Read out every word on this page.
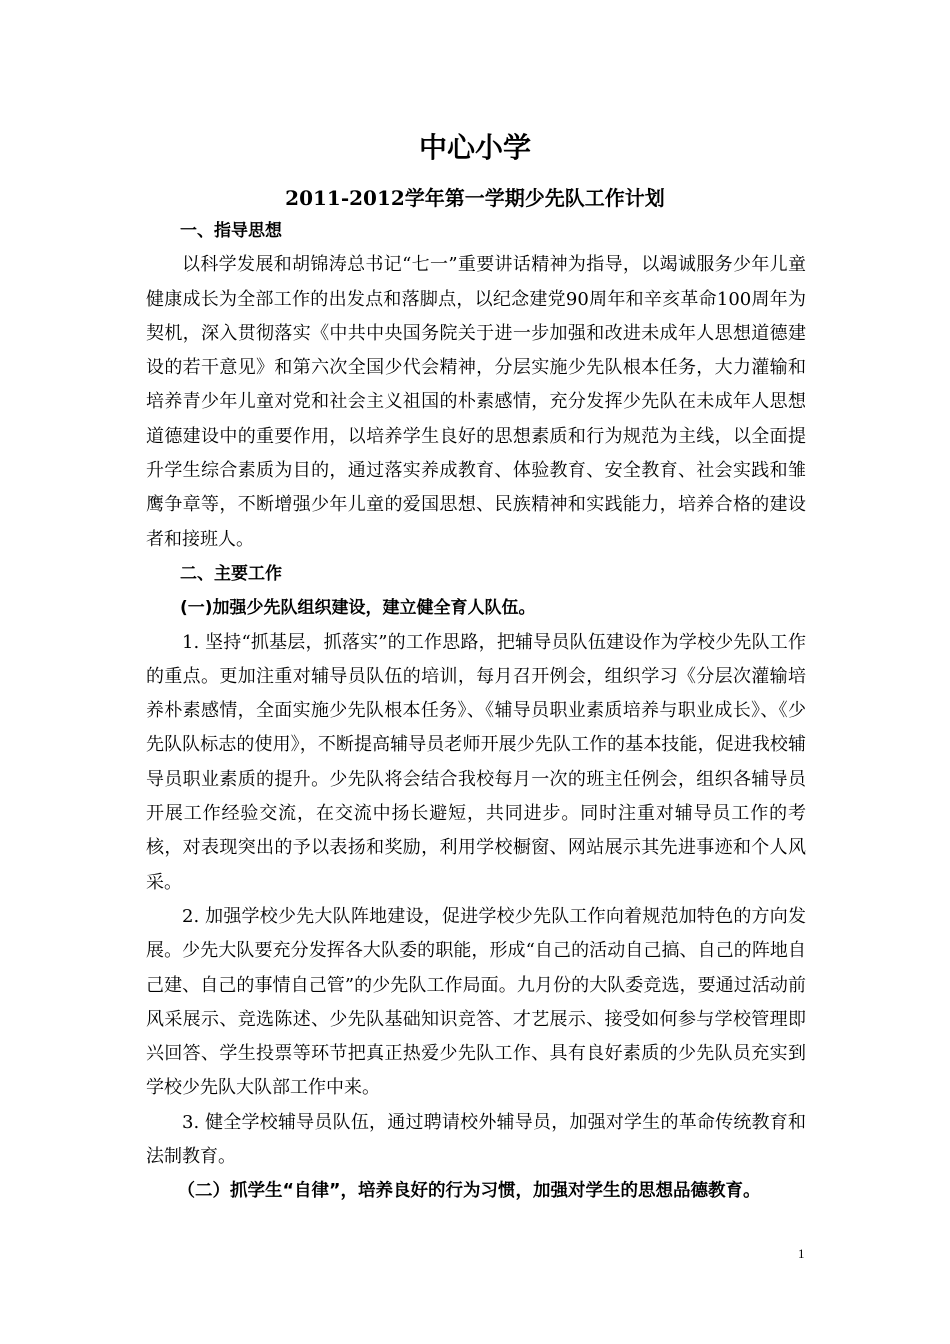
中心小学
2011-2012学年第一学期少先队工作计划

一、指导思想

以科学发展和胡锦涛总书记“七一”重要讲话精神为指导，以竭诚服务少年儿童健康成长为全部工作的出发点和落脚点，以纪念建党90周年和辛亥革命100周年为契机，深入贯彻落实《中共中央国务院关于进一步加强和改进未成年人思想道德建设的若干意见》和第六次全国少代会精神，分层实施少先队根本任务，大力灌输和培养青少年儿童对党和社会主义祖国的朴素感情，充分发挥少先队在未成年人思想道德建设中的重要作用，以培养学生良好的思想素质和行为规范为主线，以全面提升学生综合素质为目的，通过落实养成教育、体验教育、安全教育、社会实践和雏鹰争章等，不断增强少年儿童的爱国思想、民族精神和实践能力，培养合格的建设者和接班人。

二、主要工作

(一)加强少先队组织建设，建立健全育人队伍。

1. 坚持“抓基层，抓落实”的工作思路，把辅导员队伍建设作为学校少先队工作的重点。更加注重对辅导员队伍的培训，每月召开例会，组织学习《分层次灌输培养朴素感情，全面实施少先队根本任务》、《辅导员职业素质培养与职业成长》、《少先队队标志的使用》，不断提高辅导员老师开展少先队工作的基本技能，促进我校辅导员职业素质的提升。少先队将会结合我校每月一次的班主任例会，组织各辅导员开展工作经验交流，在交流中扬长避短，共同进步。同时注重对辅导员工作的考核，对表现突出的予以表扬和奖励，利用学校橱窗、网站展示其先进事迹和个人风采。

2. 加强学校少先大队阵地建设，促进学校少先队工作向着规范加特色的方向发展。少先大队要充分发挥各大队委的职能，形成“自己的活动自己搞、自己的阵地自己建、自己的事情自己管”的少先队工作局面。九月份的大队委竞选，要通过活动前风采展示、竞选陈述、少先队基础知识竞答、才艺展示、接受如何参与学校管理即兴回答、学生投票等环节把真正热爱少先队工作、具有良好素质的少先队员充实到学校少先队大队部工作中来。

3. 健全学校辅导员队伍，通过聘请校外辅导员，加强对学生的革命传统教育和法制教育。

（二）抓学生“自律”，培养良好的行为习惯，加强对学生的思想品德教育。

1
